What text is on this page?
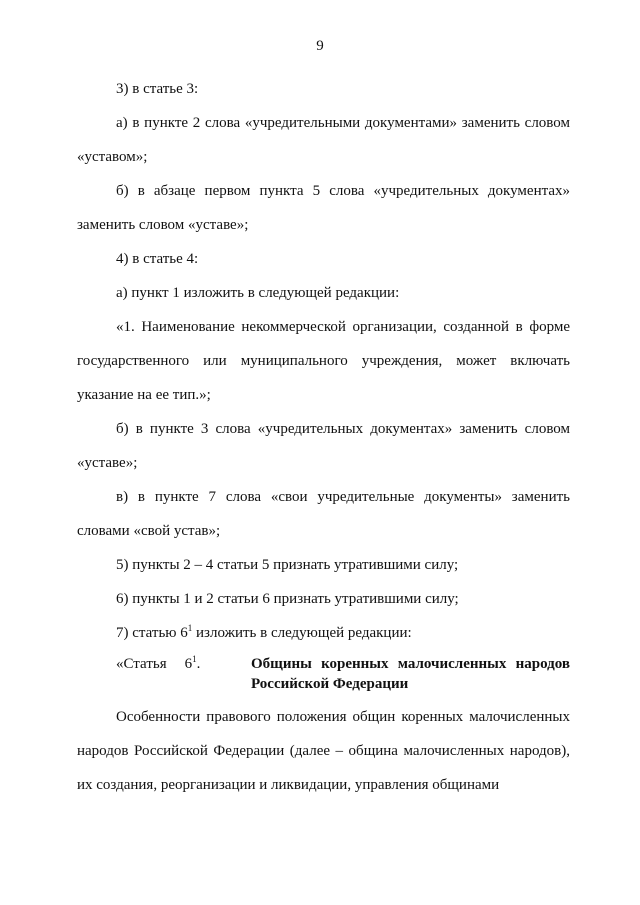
9

3) в статье 3:

а) в пункте 2 слова «учредительными документами» заменить словом «уставом»;

б) в абзаце первом пункта 5 слова «учредительных документах» заменить словом «уставе»;

4) в статье 4:

а) пункт 1 изложить в следующей редакции:

«1. Наименование некоммерческой организации, созданной в форме государственного или муниципального учреждения, может включать указание на ее тип.»;

б) в пункте 3 слова «учредительных документах» заменить словом «уставе»;

в) в пункте 7 слова «свои учредительные документы» заменить словами «свой устав»;

5) пункты 2 – 4 статьи 5 признать утратившими силу;

6) пункты 1 и 2 статьи 6 признать утратившими силу;

7) статью $6^1$ изложить в следующей редакции:

«Статья $6^1$.	Общины коренных малочисленных народов Российской Федерации

Особенности правового положения общин коренных малочисленных народов Российской Федерации (далее – община малочисленных народов), их создания, реорганизации и ликвидации, управления общинами
